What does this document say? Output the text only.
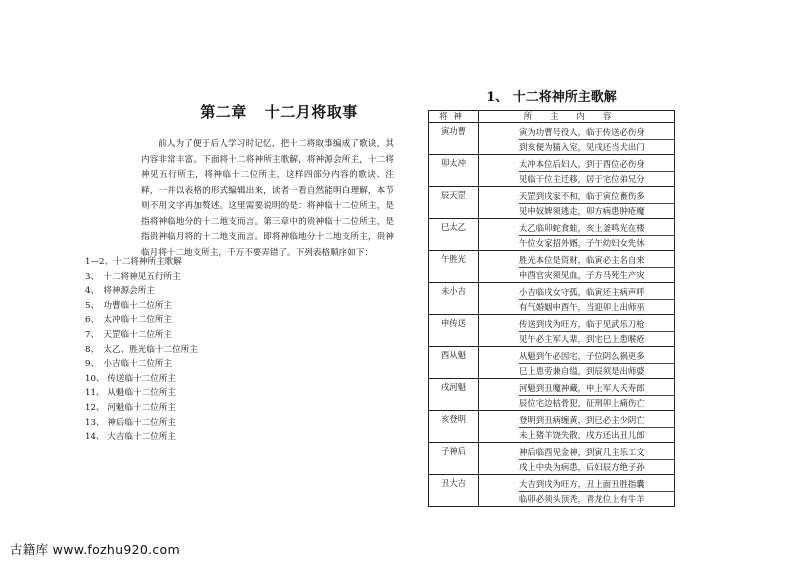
第二章 十二月将取事

前人为了便于后人学习时记忆，把十二将取事编成了歌诀，其内容非常丰富。下面将十二将神所主歌解，将神源会所主，十二将神见五行所主，将神临十二位所主，这样四部分内容的歌诀、注释，一并以表格的形式编辑出来，读者一看自然能明白理解，本节则不用文字再加赘述。这里需要说明的是：将神临十二位所主，是指将神临地分的十二地支而言。第三章中的贵神临十二位所主，是指贵神临月将的十二地支而言。即将神临地分十二地支所主，贵神临月将十二地支所主，千万不要弄错了。下列表格顺序如下：

1—2、十二将神所主歌解
3、　十二将神见五行所主
4、　将神源会所主
5、　功曹临十二位所主
6、　太冲临十二位所主
7、　天罡临十二位所主
8、　太乙、胜光临十二位所主
9、　小吉临十二位所主
10、 传送临十二位所主
11、 从魁临十二位所主
12、 河魁临十二位所主
13、 神后临十二位所主
14、 大吉临十二位所主
1、 十二将神所主歌解
将神	所主内容
寅功曹	寅为功曹号役人，临于传送必伤身
到亥便为猫入室，见戌还当犬出门

卯太冲	太冲本位后妇人，到于酉位必伤身
见临干位主迁移，居于宅位弟兄分

辰天罡	天罡到戌家不和，临于寅位畜伤多
见申奴婢须逃走，卯方病患肿疮魔

巳太乙	太乙临卯蛇食蛙，亥上釜鸣光在楼
午位女家招外婿，子午幼妇女先休

午胜光	胜光本位是资财，临寅必主名自来
申酉官灾须见血，子方马死生产灾

未小吉	小吉临戌女守孤，临寅还主病声呼
有气婚姻申酉午，当迎卯上出师巫

申传送	传送到戌为旺方，临于见武乐刀枪
见午必主军人辈，到宅巳上患喉疮

酉从魁	从魁到午必因宅，子位阴么祸更多
巳上患劳兼自缢，到辰须是出师婆

戌河魁	河魁到丑魔神藏，申上军人夭寿郎
辰位宅边枯骨犯，征刑卯上痛伤亡

亥登明	登明到丑病缠黄，到巳必主少阴亡
未上猪羊饶失散，戌方还出丑儿郎

子神后	神后临酉见金神，到寅几主乐工文
戌上中央为病患，后妇辰方绝子孙

丑大吉	大吉到戌为旺方，丑上面丑胜指囊
临卯必须头顶秃，青龙位上有牛羊
古籍库 www.fozhu920.com
